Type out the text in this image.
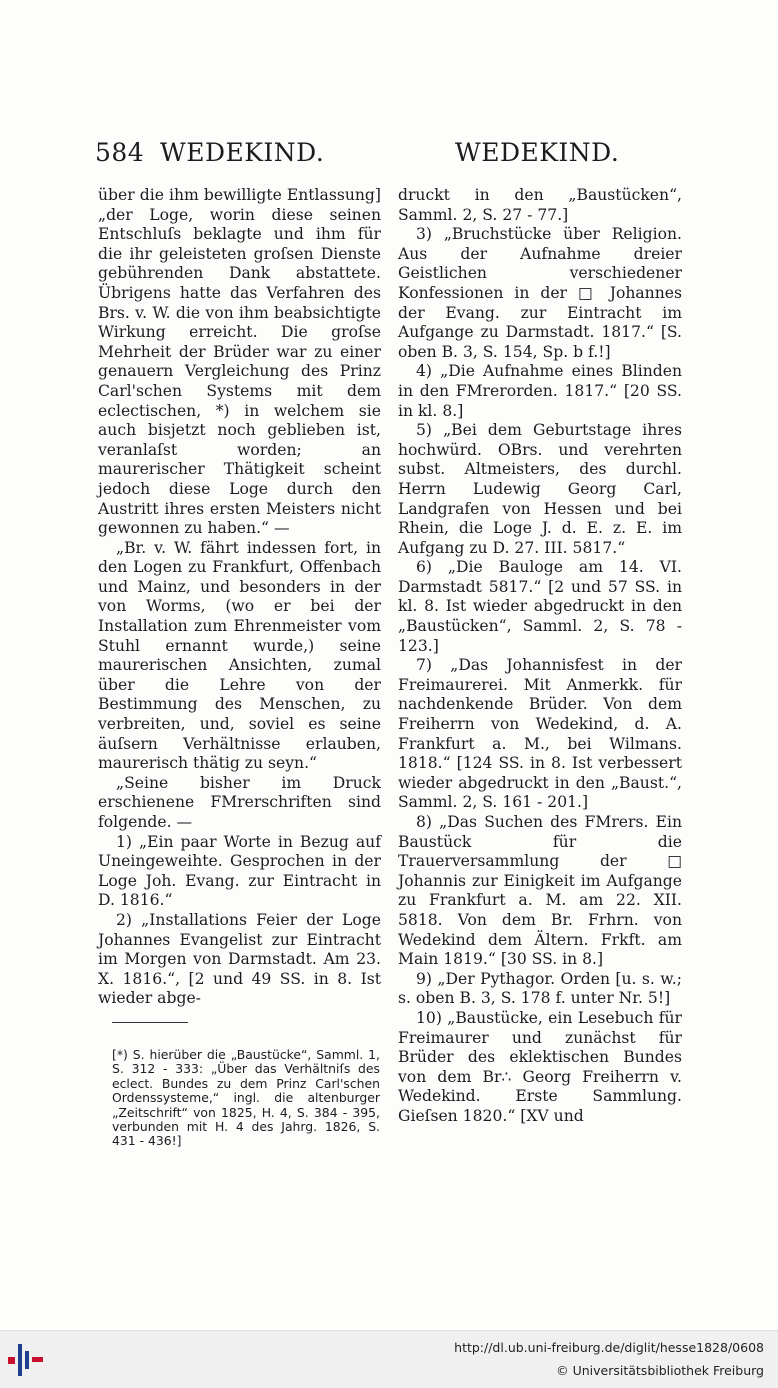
584 WEDEKIND.	WEDEKIND.

über die ihm bewilligte Entlassung] „der Loge, worin diese seinen Entschluſs beklagte und ihm für die ihr geleisteten groſsen Dienste gebührenden Dank abstattete. Übrigens hatte das Verfahren des Brs. v. W. die von ihm beabsichtigte Wirkung erreicht. Die groſse Mehrheit der Brüder war zu einer genauern Vergleichung des Prinz Carl'schen Systems mit dem eclectischen, *) in welchem sie auch bisjetzt noch geblieben ist, veranlaſst worden; an maurerischer Thätigkeit scheint jedoch diese Loge durch den Austritt ihres ersten Meisters nicht gewonnen zu haben.“ —

„Br. v. W. fährt indessen fort, in den Logen zu Frankfurt, Offenbach und Mainz, und besonders in der von Worms, (wo er bei der Installation zum Ehrenmeister vom Stuhl ernannt wurde,) seine maurerischen Ansichten, zumal über die Lehre von der Bestimmung des Menschen, zu verbreiten, und, soviel es seine äuſsern Verhältnisse erlauben, maurerisch thätig zu seyn.“

„Seine bisher im Druck erschienene FMrerschriften sind folgende. —

1) „Ein paar Worte in Bezug auf Uneingeweihte. Gesprochen in der Loge Joh. Evang. zur Eintracht in D. 1816.“

2) „Installations Feier der Loge Johannes Evangelist zur Eintracht im Morgen von Darmstadt. Am 23. X. 1816.“, [2 und 49 SS. in 8. Ist wieder abge-

druckt in den „Baustücken“, Samml. 2, S. 27 - 77.]

3) „Bruchstücke über Religion. Aus der Aufnahme dreier Geistlichen verschiedener Konfessionen in der □ Johannes der Evang. zur Eintracht im Aufgange zu Darmstadt. 1817.“ [S. oben B. 3, S. 154, Sp. b f.!]

4) „Die Aufnahme eines Blinden in den FMrerorden. 1817.“ [20 SS. in kl. 8.]

5) „Bei dem Geburtstage ihres hochwürd. OBrs. und verehrten subst. Altmeisters, des durchl. Herrn Ludewig Georg Carl, Landgrafen von Hessen und bei Rhein, die Loge J. d. E. z. E. im Aufgang zu D. 27. III. 5817.“

6) „Die Bauloge am 14. VI. Darmstadt 5817.“ [2 und 57 SS. in kl. 8. Ist wieder abgedruckt in den „Baustücken“, Samml. 2, S. 78 - 123.]

7) „Das Johannisfest in der Freimaurerei. Mit Anmerkk. für nachdenkende Brüder. Von dem Freiherrn von Wedekind, d. A. Frankfurt a. M., bei Wilmans. 1818.“ [124 SS. in 8. Ist verbessert wieder abgedruckt in den „Baust.“, Samml. 2, S. 161 - 201.]

8) „Das Suchen des FMrers. Ein Baustück für die Trauerversammlung der □ Johannis zur Einigkeit im Aufgange zu Frankfurt a. M. am 22. XII. 5818. Von dem Br. Frhrn. von Wedekind dem Ältern. Frkft. am Main 1819.“ [30 SS. in 8.]

9) „Der Pythagor. Orden [u. s. w.; s. oben B. 3, S. 178 f. unter Nr. 5!]

10) „Baustücke, ein Lesebuch für Freimaurer und zunächst für Brüder des eklektischen Bundes von dem Br∴ Georg Freiherrn v. Wedekind. Erste Sammlung. Gieſsen 1820.“ [XV und

[*) S. hierüber die „Baustücke“, Samml. 1, S. 312 - 333: „Über das Verhältniſs des eclect. Bundes zu dem Prinz Carl'schen Ordenssysteme,“ ingl. die altenburger „Zeitschrift“ von 1825, H. 4, S. 384 - 395, verbunden mit H. 4 des Jahrg. 1826, S. 431 - 436!]

http://dl.ub.uni-freiburg.de/diglit/hesse1828/0608
© Universitätsbibliothek Freiburg
